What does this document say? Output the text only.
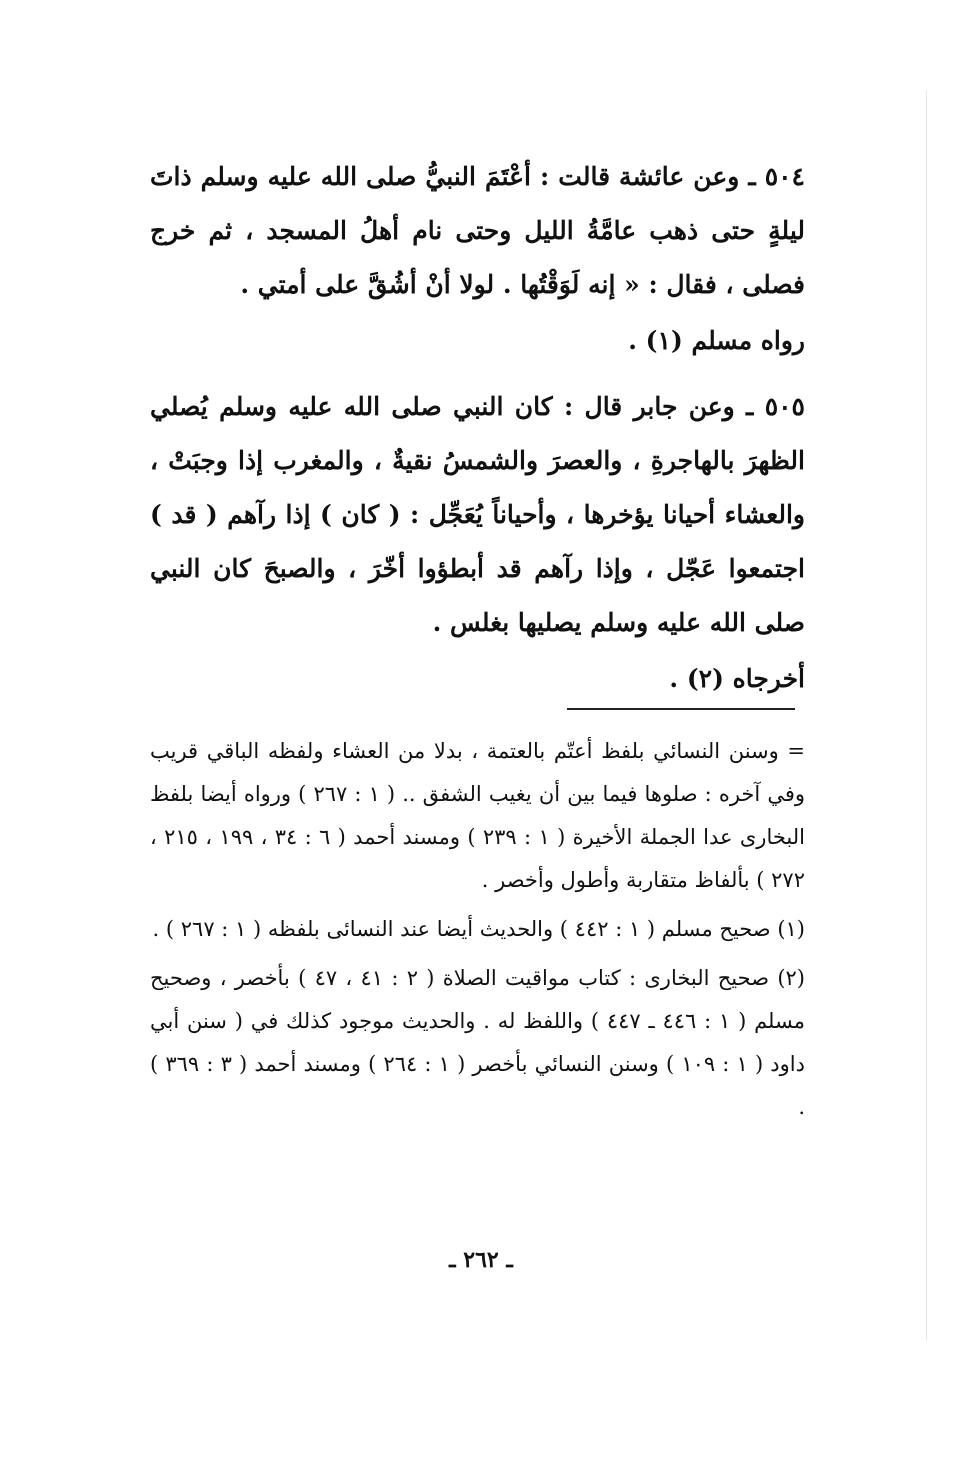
٥٠٤ ـ وعن عائشة قالت : أعْتَمَ النبيُّ صلى الله عليه وسلم ذاتَ ليلةٍ حتى ذهب عامَّةُ الليل وحتى نام أهلُ المسجد ، ثم خرج فصلى ، فقال : « إنه لَوَقْتُها . لولا أنْ أشُقَّ على أمتي .

رواه مسلم (١) .

٥٠٥ ـ وعن جابر قال : كان النبي صلى الله عليه وسلم يُصلي الظهرَ بالهاجرةِ ، والعصرَ والشمسُ نقيةٌ ، والمغرب إذا وجبَتْ ، والعشاء أحيانا يؤخرها ، وأحياناً يُعَجِّل : ( كان ) إذا رآهم ( قد ) اجتمعوا عَجّل ، وإذا رآهم قد أبطؤوا أخّرَ ، والصبحَ كان النبي صلى الله عليه وسلم يصليها بغلس .

أخرجاه (٢) .

= وسنن النسائي بلفظ أعتّم بالعتمة ، بدلا من العشاء ولفظه الباقي قريب وفي آخره : صلوها فيما بين أن يغيب الشفق .. ( ١ : ٢٦٧ ) ورواه أيضا بلفظ البخارى عدا الجملة الأخيرة ( ١ : ٢٣٩ ) ومسند أحمد ( ٦ : ٣٤ ، ١٩٩ ، ٢١٥ ، ٢٧٢ ) بألفاظ متقاربة وأطول وأخصر .

(١) صحيح مسلم ( ١ : ٤٤٢ ) والحديث أيضا عند النسائى بلفظه ( ١ : ٢٦٧ ) .

(٢) صحيح البخارى : كتاب مواقيت الصلاة ( ٢ : ٤١ ، ٤٧ ) بأخصر ، وصحيح مسلم ( ١ : ٤٤٦ ـ ٤٤٧ ) واللفظ له . والحديث موجود كذلك في ( سنن أبي داود ( ١ : ١٠٩ ) وسنن النسائي بأخصر ( ١ : ٢٦٤ ) ومسند أحمد ( ٣ : ٣٦٩ ) .

ـ ٢٦٢ ـ
